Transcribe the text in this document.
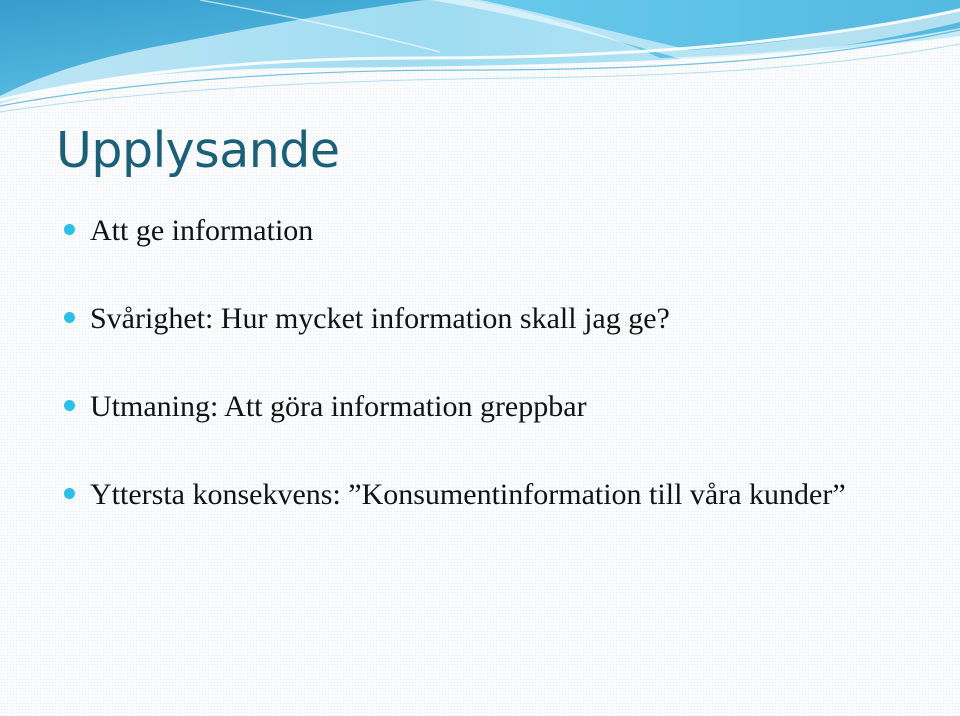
Upplysande
Att ge information
Svårighet: Hur mycket information skall jag ge?
Utmaning: Att göra information greppbar
Yttersta konsekvens: ”Konsumentinformation till våra kunder”
